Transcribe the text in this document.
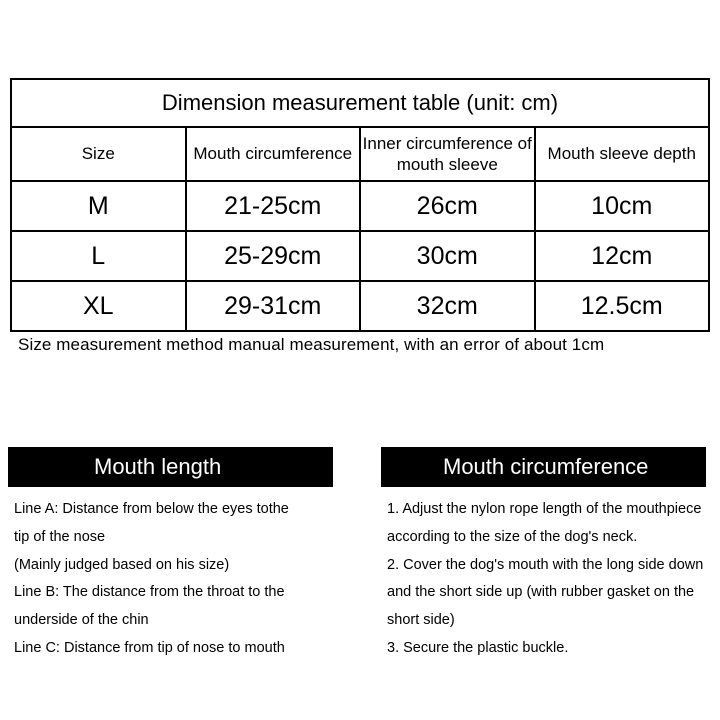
Dimension measurement table (unit: cm)			
Size	Mouth circumference	Inner circumference of mouth sleeve	Mouth sleeve depth
M	21-25cm	26cm	10cm
L	25-29cm	30cm	12cm
XL	29-31cm	32cm	12.5cm
Size measurement method manual measurement, with an error of about 1cm
Mouth length

Line A: Distance from below the eyes tothe

tip of the nose

(Mainly judged based on his size)

Line B: The distance from the throat to the

underside of the chin

Line C: Distance from tip of nose to mouth

Mouth circumference

1. Adjust the nylon rope length of the mouthpiece

according to the size of the dog's neck.

2. Cover the dog's mouth with the long side down

and the short side up (with rubber gasket on the

short side)

3. Secure the plastic buckle.
